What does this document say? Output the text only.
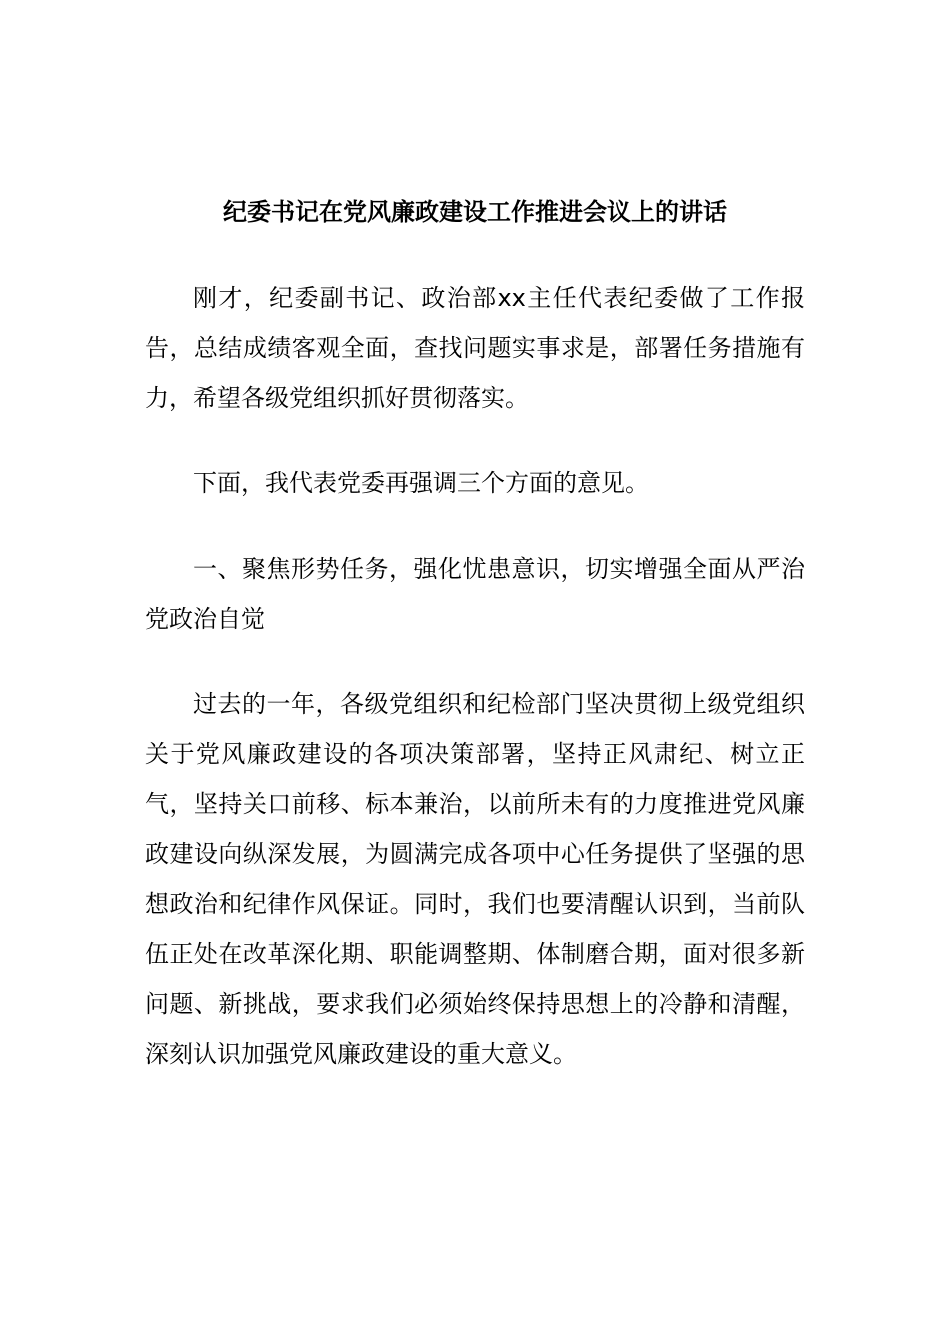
纪委书记在党风廉政建设工作推进会议上的讲话

刚才，纪委副书记、政治部xx主任代表纪委做了工作报告，总结成绩客观全面，查找问题实事求是，部署任务措施有力，希望各级党组织抓好贯彻落实。

下面，我代表党委再强调三个方面的意见。

一、聚焦形势任务，强化忧患意识，切实增强全面从严治党政治自觉

过去的一年，各级党组织和纪检部门坚决贯彻上级党组织关于党风廉政建设的各项决策部署，坚持正风肃纪、树立正气，坚持关口前移、标本兼治，以前所未有的力度推进党风廉政建设向纵深发展，为圆满完成各项中心任务提供了坚强的思想政治和纪律作风保证。同时，我们也要清醒认识到，当前队伍正处在改革深化期、职能调整期、体制磨合期，面对很多新问题、新挑战，要求我们必须始终保持思想上的冷静和清醒，深刻认识加强党风廉政建设的重大意义。
